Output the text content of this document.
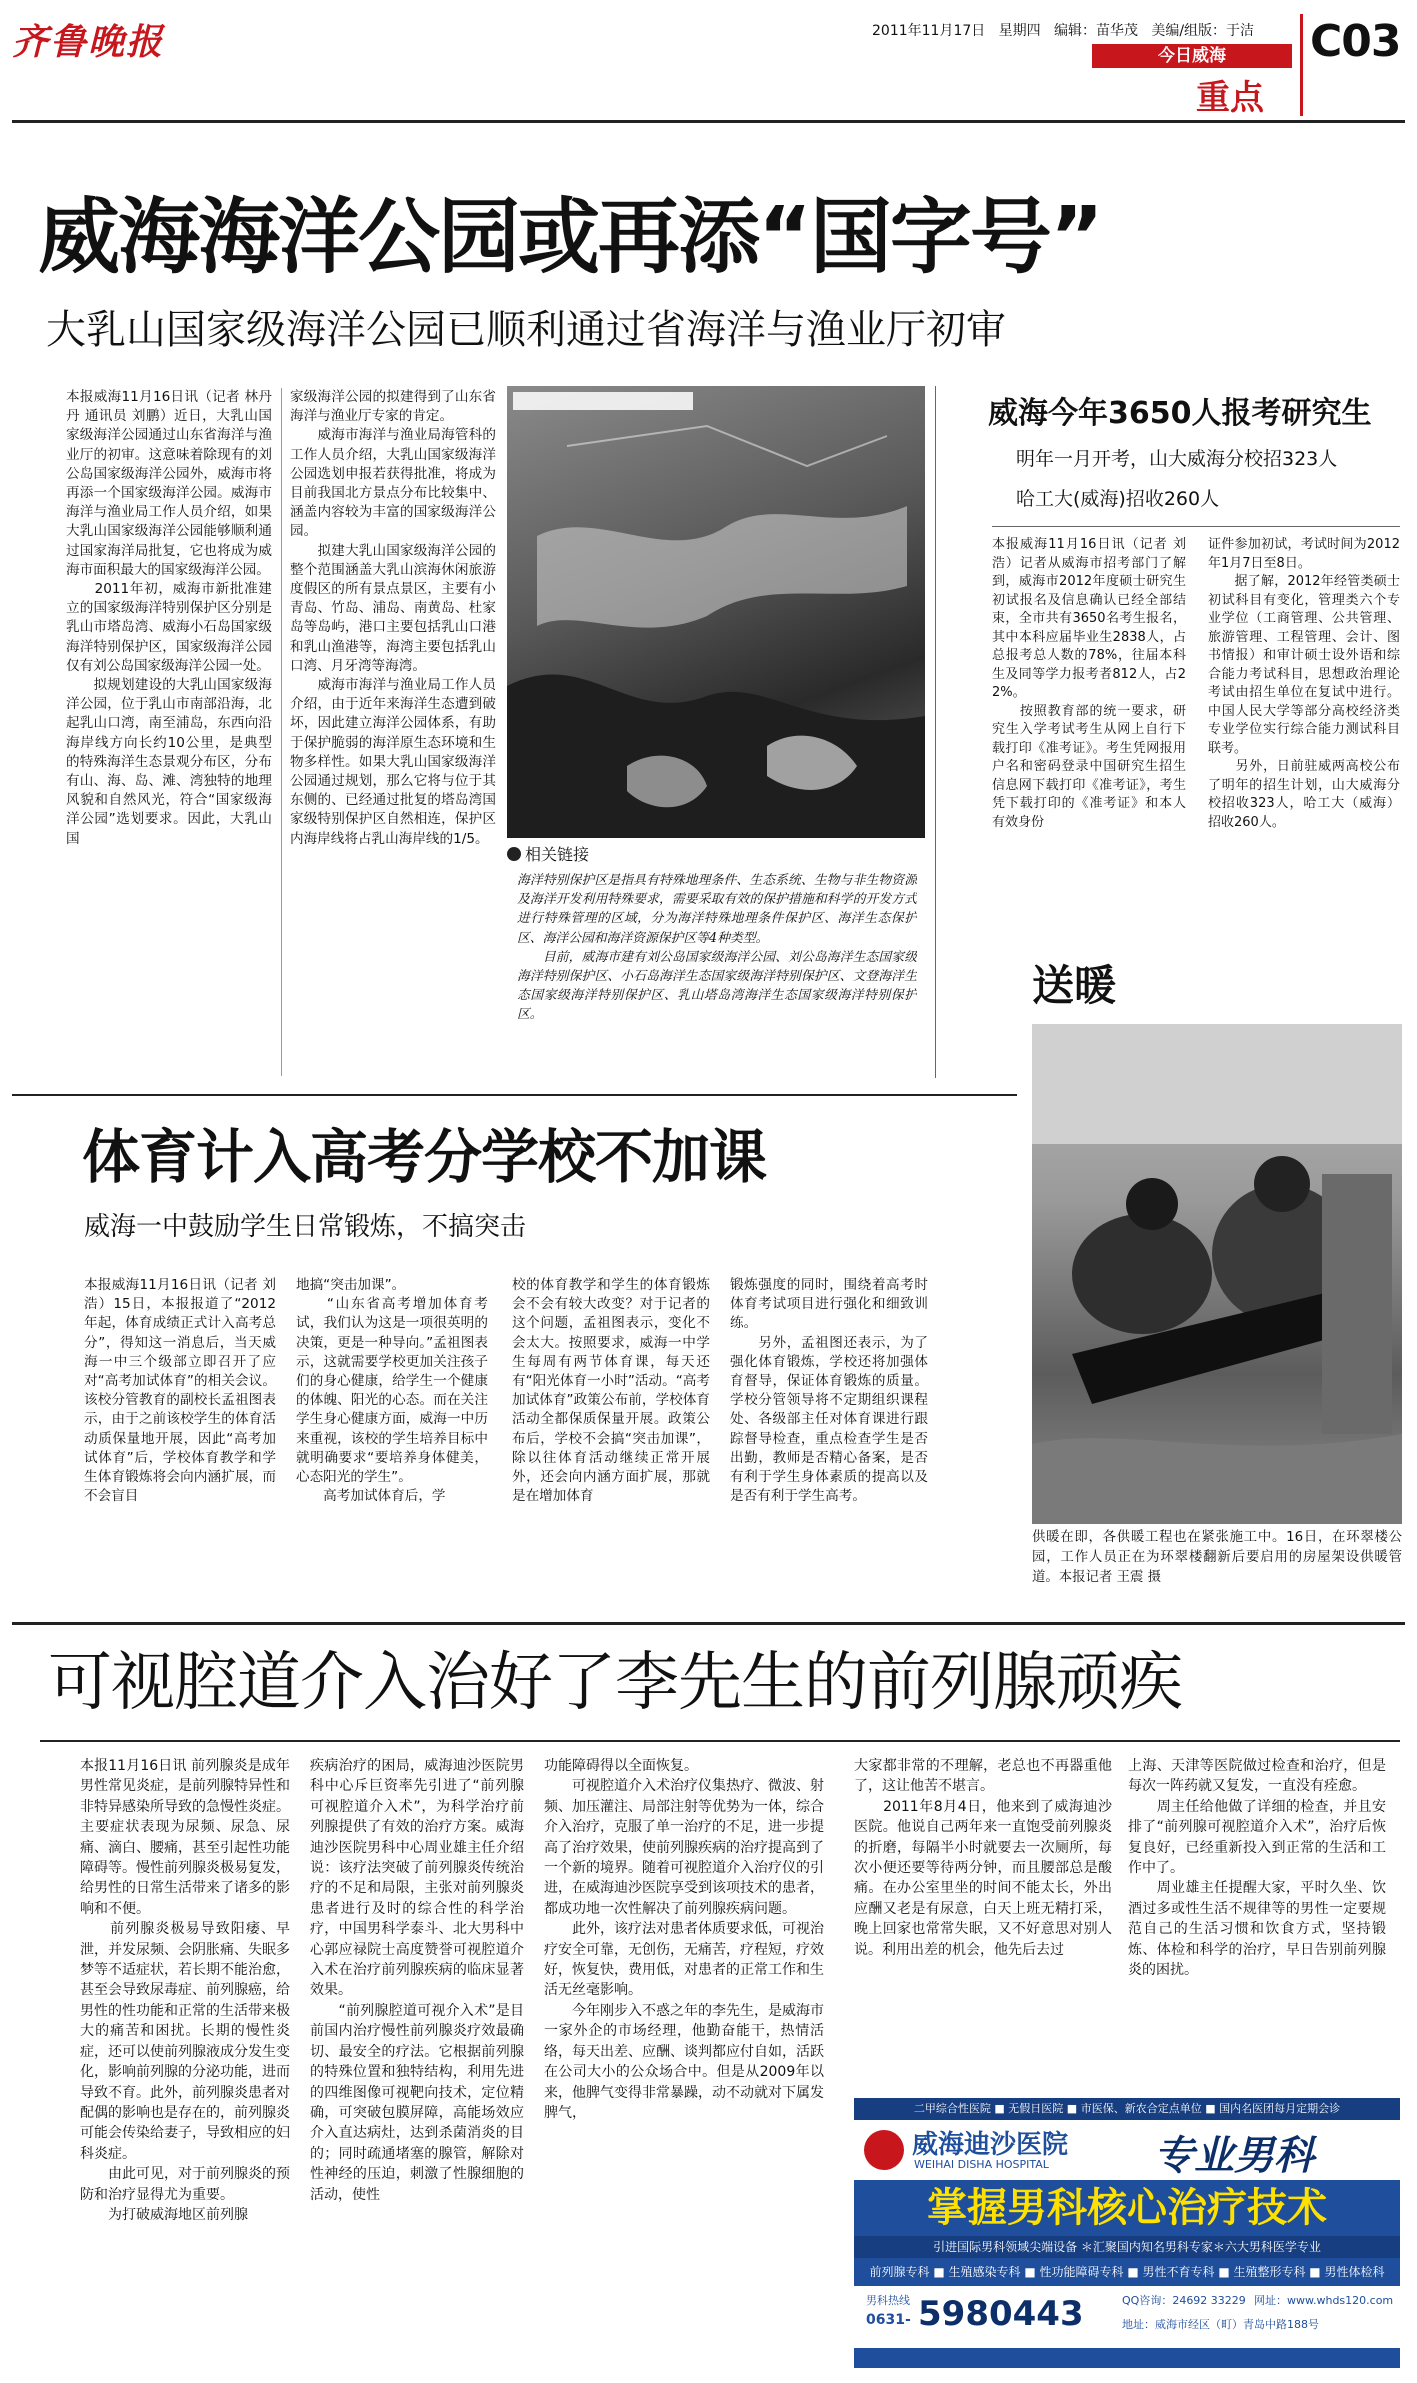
齐鲁晚报	2011年11月17日 星期四 编辑：苗华茂 美编/组版：于洁
今日威海
重点
C03
威海海洋公园或再添“国字号”
大乳山国家级海洋公园已顺利通过省海洋与渔业厅初审
本报威海11月16日讯（记者 林丹丹 通讯员 刘鹏）近日，大乳山国家级海洋公园通过山东省海洋与渔业厅的初审。这意味着除现有的刘公岛国家级海洋公园外，威海市将再添一个国家级海洋公园。威海市海洋与渔业局工作人员介绍，如果大乳山国家级海洋公园能够顺利通过国家海洋局批复，它也将成为威海市面积最大的国家级海洋公园。
　　2011年初，威海市新批准建立的国家级海洋特别保护区分别是乳山市塔岛湾、威海小石岛国家级海洋特别保护区，国家级海洋公园仅有刘公岛国家级海洋公园一处。
　　拟规划建设的大乳山国家级海洋公园，位于乳山市南部沿海，北起乳山口湾，南至浦岛，东西向沿海岸线方向长约10公里，是典型的特殊海洋生态景观分布区，分布有山、海、岛、滩、湾独特的地理风貌和自然风光，符合“国家级海洋公园”选划要求。因此，大乳山国
家级海洋公园的拟建得到了山东省海洋与渔业厅专家的肯定。
　　威海市海洋与渔业局海管科的工作人员介绍，大乳山国家级海洋公园选划申报若获得批准，将成为目前我国北方景点分布比较集中、涵盖内容较为丰富的国家级海洋公园。
　　拟建大乳山国家级海洋公园的整个范围涵盖大乳山滨海休闲旅游度假区的所有景点景区，主要有小青岛、竹岛、浦岛、南黄岛、杜家岛等岛屿，港口主要包括乳山口港和乳山渔港等，海湾主要包括乳山口湾、月牙湾等海湾。
　　威海市海洋与渔业局工作人员介绍，由于近年来海洋生态遭到破坏，因此建立海洋公园体系，有助于保护脆弱的海洋原生态环境和生物多样性。如果大乳山国家级海洋公园通过规划，那么它将与位于其东侧的、已经通过批复的塔岛湾国家级特别保护区自然相连，保护区内海岸线将占乳山海岸线的1/5。
相关链接
海洋特别保护区是指具有特殊地理条件、生态系统、生物与非生物资源及海洋开发利用特殊要求，需要采取有效的保护措施和科学的开发方式进行特殊管理的区域，分为海洋特殊地理条件保护区、海洋生态保护区、海洋公园和海洋资源保护区等4种类型。
　　目前，威海市建有刘公岛国家级海洋公园、刘公岛海洋生态国家级海洋特别保护区、小石岛海洋生态国家级海洋特别保护区、文登海洋生态国家级海洋特别保护区、乳山塔岛湾海洋生态国家级海洋特别保护区。
威海今年3650人报考研究生
明年一月开考，山大威海分校招323人
哈工大(威海)招收260人
本报威海11月16日讯（记者 刘浩）记者从威海市招考部门了解到，威海市2012年度硕士研究生初试报名及信息确认已经全部结束，全市共有3650名考生报名，其中本科应届毕业生2838人，占总报考总人数的78%，往届本科生及同等学力报考者812人，占22%。
　　按照教育部的统一要求，研究生入学考试考生从网上自行下载打印《准考证》。考生凭网报用户名和密码登录中国研究生招生信息网下载打印《准考证》，考生凭下载打印的《准考证》和本人有效身份
证件参加初试，考试时间为2012年1月7日至8日。
　　据了解，2012年经管类硕士初试科目有变化，管理类六个专业学位（工商管理、公共管理、旅游管理、工程管理、会计、图书情报）和审计硕士设外语和综合能力考试科目，思想政治理论考试由招生单位在复试中进行。中国人民大学等部分高校经济类专业学位实行综合能力测试科目联考。
　　另外，日前驻威两高校公布了明年的招生计划，山大威海分校招收323人，哈工大（威海）招收260人。
送暖
供暖在即，各供暖工程也在紧张施工中。16日，在环翠楼公园，工作人员正在为环翠楼翻新后要启用的房屋架设供暖管道。本报记者 王震 摄
体育计入高考分学校不加课
威海一中鼓励学生日常锻炼，不搞突击
本报威海11月16日讯（记者 刘浩）15日，本报报道了“2012年起，体育成绩正式计入高考总分”，得知这一消息后，当天威海一中三个级部立即召开了应对“高考加试体育”的相关会议。该校分管教育的副校长孟祖图表示，由于之前该校学生的体育活动质保量地开展，因此“高考加试体育”后，学校体育教学和学生体育锻炼将会向内涵扩展，而不会盲目
地搞“突击加课”。
　　“山东省高考增加体育考试，我们认为这是一项很英明的决策，更是一种导向。”孟祖图表示，这就需要学校更加关注孩子们的身心健康，给学生一个健康的体魄、阳光的心态。而在关注学生身心健康方面，威海一中历来重视，该校的学生培养目标中就明确要求“要培养身体健美，心态阳光的学生”。
　　高考加试体育后，学
校的体育教学和学生的体育锻炼会不会有较大改变？对于记者的这个问题，孟祖图表示，变化不会太大。按照要求，威海一中学生每周有两节体育课，每天还有“阳光体育一小时”活动。“高考加试体育”政策公布前，学校体育活动全都保质保量开展。政策公布后，学校不会搞“突击加课”，除以往体育活动继续正常开展外，还会向内涵方面扩展，那就是在增加体育
锻炼强度的同时，围绕着高考时体育考试项目进行强化和细致训练。
　　另外，孟祖图还表示，为了强化体育锻炼，学校还将加强体育督导，保证体育锻炼的质量。学校分管领导将不定期组织课程处、各级部主任对体育课进行跟踪督导检查，重点检查学生是否出勤，教师是否精心备案，是否有利于学生身体素质的提高以及是否有利于学生高考。
可视腔道介入治好了李先生的前列腺顽疾
本报11月16日讯 前列腺炎是成年男性常见炎症，是前列腺特异性和非特异感染所导致的急慢性炎症。主要症状表现为尿频、尿急、尿痛、滴白、腰痛，甚至引起性功能障碍等。慢性前列腺炎极易复发，给男性的日常生活带来了诸多的影响和不便。
　　前列腺炎极易导致阳痿、早泄，并发尿频、会阴胀痛、失眠多梦等不适症状，若长期不能治愈，甚至会导致尿毒症、前列腺癌，给男性的性功能和正常的生活带来极大的痛苦和困扰。长期的慢性炎症，还可以使前列腺液成分发生变化，影响前列腺的分泌功能，进而导致不育。此外，前列腺炎患者对配偶的影响也是存在的，前列腺炎可能会传染给妻子，导致相应的妇科炎症。
　　由此可见，对于前列腺炎的预防和治疗显得尤为重要。
　　为打破威海地区前列腺
疾病治疗的困局，威海迪沙医院男科中心斥巨资率先引进了“前列腺可视腔道介入术”，为科学治疗前列腺提供了有效的治疗方案。威海迪沙医院男科中心周业雄主任介绍说：该疗法突破了前列腺炎传统治疗的不足和局限，主张对前列腺炎患者进行及时的综合性的科学治疗，中国男科学泰斗、北大男科中心郭应禄院士高度赞誉可视腔道介入术在治疗前列腺疾病的临床显著效果。
　　“前列腺腔道可视介入术”是目前国内治疗慢性前列腺炎疗效最确切、最安全的疗法。它根据前列腺的特殊位置和独特结构，利用先进的四维图像可视靶向技术，定位精确，可突破包膜屏障，高能场效应介入直达病灶，达到杀菌消炎的目的；同时疏通堵塞的腺管，解除对性神经的压迫，刺激了性腺细胞的活动，使性
功能障碍得以全面恢复。
　　可视腔道介入术治疗仪集热疗、微波、射频、加压灌注、局部注射等优势为一体，综合介入治疗，克服了单一治疗的不足，进一步提高了治疗效果，使前列腺疾病的治疗提高到了一个新的境界。随着可视腔道介入治疗仪的引进，在威海迪沙医院享受到该项技术的患者，都成功地一次性解决了前列腺疾病问题。
　　此外，该疗法对患者体质要求低，可视治疗安全可靠，无创伤，无痛苦，疗程短，疗效好，恢复快，费用低，对患者的正常工作和生活无丝毫影响。
　　今年刚步入不惑之年的李先生，是威海市一家外企的市场经理，他勤奋能干，热情活络，每天出差、应酬、谈判都应付自如，活跃在公司大小的公众场合中。但是从2009年以来，他脾气变得非常暴躁，动不动就对下属发脾气，
大家都非常的不理解，老总也不再器重他了，这让他苦不堪言。
　　2011年8月4日，他来到了威海迪沙医院。他说自己两年来一直饱受前列腺炎的折磨，每隔半小时就要去一次厕所，每次小便还要等待两分钟，而且腰部总是酸痛。在办公室里坐的时间不能太长，外出应酬又老是有尿意，白天上班无精打采，晚上回家也常常失眠，又不好意思对别人说。利用出差的机会，他先后去过
上海、天津等医院做过检查和治疗，但是每次一阵药就又复发，一直没有痊愈。
　　周主任给他做了详细的检查，并且安排了“前列腺可视腔道介入术”，治疗后恢复良好，已经重新投入到正常的生活和工作中了。
　　周业雄主任提醒大家，平时久坐、饮酒过多或性生活不规律等的男性一定要规范自己的生活习惯和饮食方式，坚持锻炼、体检和科学的治疗，早日告别前列腺炎的困扰。
二甲综合性医院 ■ 无假日医院 ■ 市医保、新农合定点单位 ■ 国内名医团每月定期会诊
威海迪沙医院
WEIHAI DISHA HOSPITAL	专业男科
掌握男科核心治疗技术
引进国际男科领域尖端设备 ＊汇聚国内知名男科专家＊六大男科医学专业
前列腺专科 ■ 生殖感染专科 ■ 性功能障碍专科 ■ 男性不育专科 ■ 生殖整形专科 ■ 男性体检科
男科热线
0631- 5980443	QQ咨询：24692 33229 网址：www.whds120.com
地址：威海市经区（町）青岛中路188号
